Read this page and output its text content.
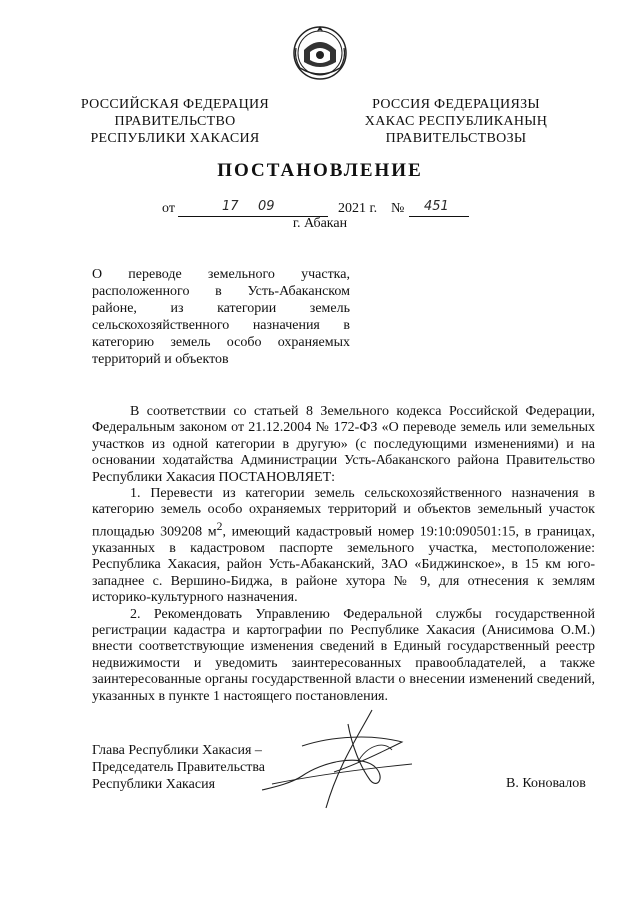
РОССИЙСКАЯ ФЕДЕРАЦИЯ
ПРАВИТЕЛЬСТВО
РЕСПУБЛИКИ ХАКАСИЯ
РОССИЯ ФЕДЕРАЦИЯЗЫ
ХАКАС РЕСПУБЛИКАНЫҢ
ПРАВИТЕЛЬСТВОЗЫ
ПОСТАНОВЛЕНИЕ
от	17 09	2021 г. № 451
г. Абакан
О переводе земельного участка, расположенного в Усть-Абаканском районе, из категории земель сельскохозяйственного назначения в категорию земель особо охраняемых территорий и объектов

В соответствии со статьей 8 Земельного кодекса Российской Федерации, Федеральным законом от 21.12.2004 № 172-ФЗ «О переводе земель или земельных участков из одной категории в другую» (с последующими изменениями) и на основании ходатайства Администрации Усть-Абаканского района Правительство Республики Хакасия ПОСТАНОВЛЯЕТ:

1. Перевести из категории земель сельскохозяйственного назначения в категорию земель особо охраняемых территорий и объектов земельный участок площадью 309208 $м^2$, имеющий кадастровый номер 19:10:090501:15, в границах, указанных в кадастровом паспорте земельного участка, местоположение: Республика Хакасия, район Усть-Абаканский, ЗАО «Биджинское», в 15 км юго-западнее с. Вершино-Биджа, в районе хутора № 9, для отнесения к землям историко-культурного назначения.

2. Рекомендовать Управлению Федеральной службы государственной регистрации кадастра и картографии по Республике Хакасия (Анисимова О.М.) внести соответствующие изменения сведений в Единый государственный реестр недвижимости и уведомить заинтересованных правообладателей, а также заинтересованные органы государственной власти о внесении изменений сведений, указанных в пункте 1 настоящего постановления.

Глава Республики Хакасия –
Председатель Правительства
Республики Хакасия	В. Коновалов
